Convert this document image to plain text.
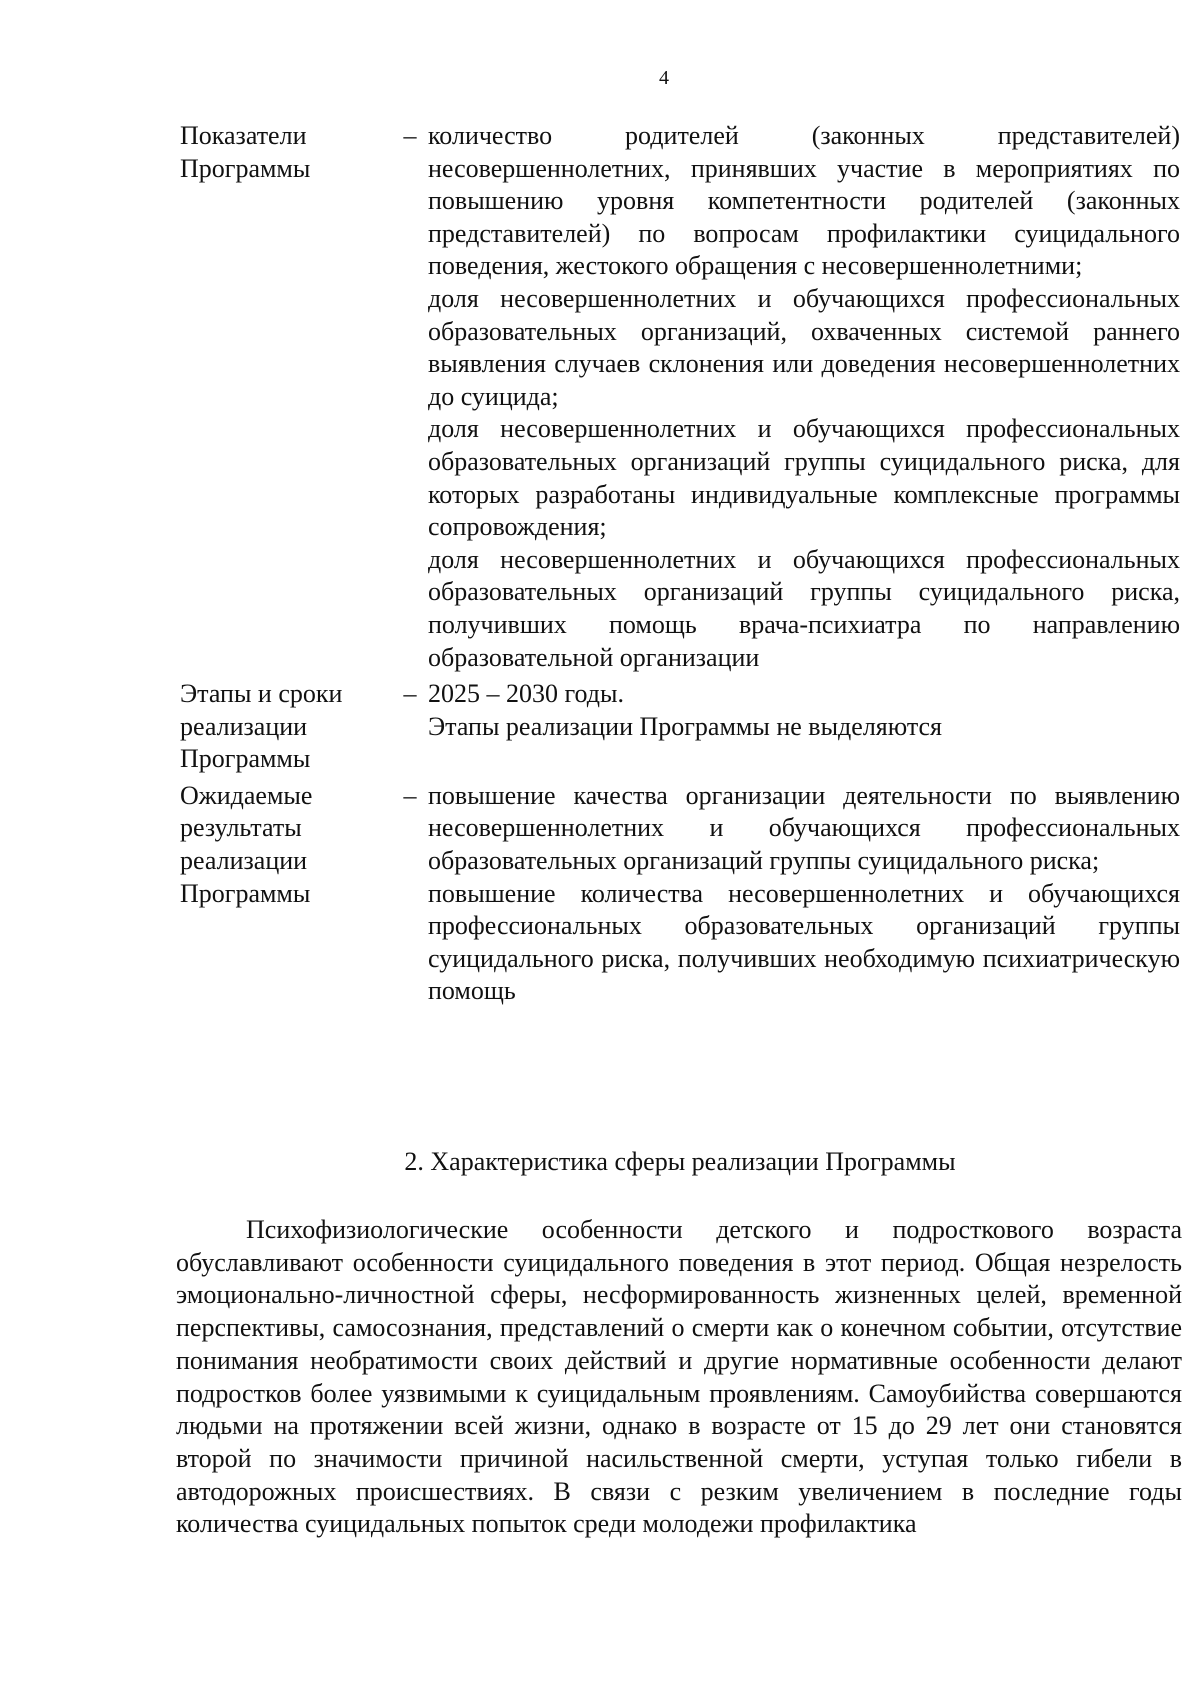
4
Показатели Программы	–	количество родителей (законных представителей) несовершеннолетних, принявших участие в мероприятиях по повышению уровня компетентности родителей (законных представителей) по вопросам профилактики суицидального поведения, жестокого обращения с несовершеннолетними;

доля несовершеннолетних и обучающихся профессиональных образовательных организаций, охваченных системой раннего выявления случаев склонения или доведения несовершеннолетних до суицида;

доля несовершеннолетних и обучающихся профессиональных образовательных организаций группы суицидального риска, для которых разработаны индивидуальные комплексные программы сопровождения;

доля несовершеннолетних и обучающихся профессиональных образовательных организаций группы суицидального риска, получивших помощь врача-психиатра по направлению образовательной организации

Этапы и сроки реализации Программы	–	2025 – 2030 годы.

Этапы реализации Программы не выделяются

Ожидаемые результаты реализации Программы	–	повышение качества организации деятельности по выявлению несовершеннолетних и обучающихся профессиональных образовательных организаций группы суицидального риска;

повышение количества несовершеннолетних и обучающихся профессиональных образовательных организаций группы суицидального риска, получивших необходимую психиатрическую помощь

2. Характеристика сферы реализации Программы

Психофизиологические особенности детского и подросткового возраста обуславливают особенности суицидального поведения в этот период. Общая незрелость эмоционально-личностной сферы, несформированность жизненных целей, временной перспективы, самосознания, представлений о смерти как о конечном событии, отсутствие понимания необратимости своих действий и другие нормативные особенности делают подростков более уязвимыми к суицидальным проявлениям. Самоубийства совершаются людьми на протяжении всей жизни, однако в возрасте от 15 до 29 лет они становятся второй по значимости причиной насильственной смерти, уступая только гибели в автодорожных происшествиях. В связи с резким увеличением в последние годы количества суицидальных попыток среди молодежи профилактика
